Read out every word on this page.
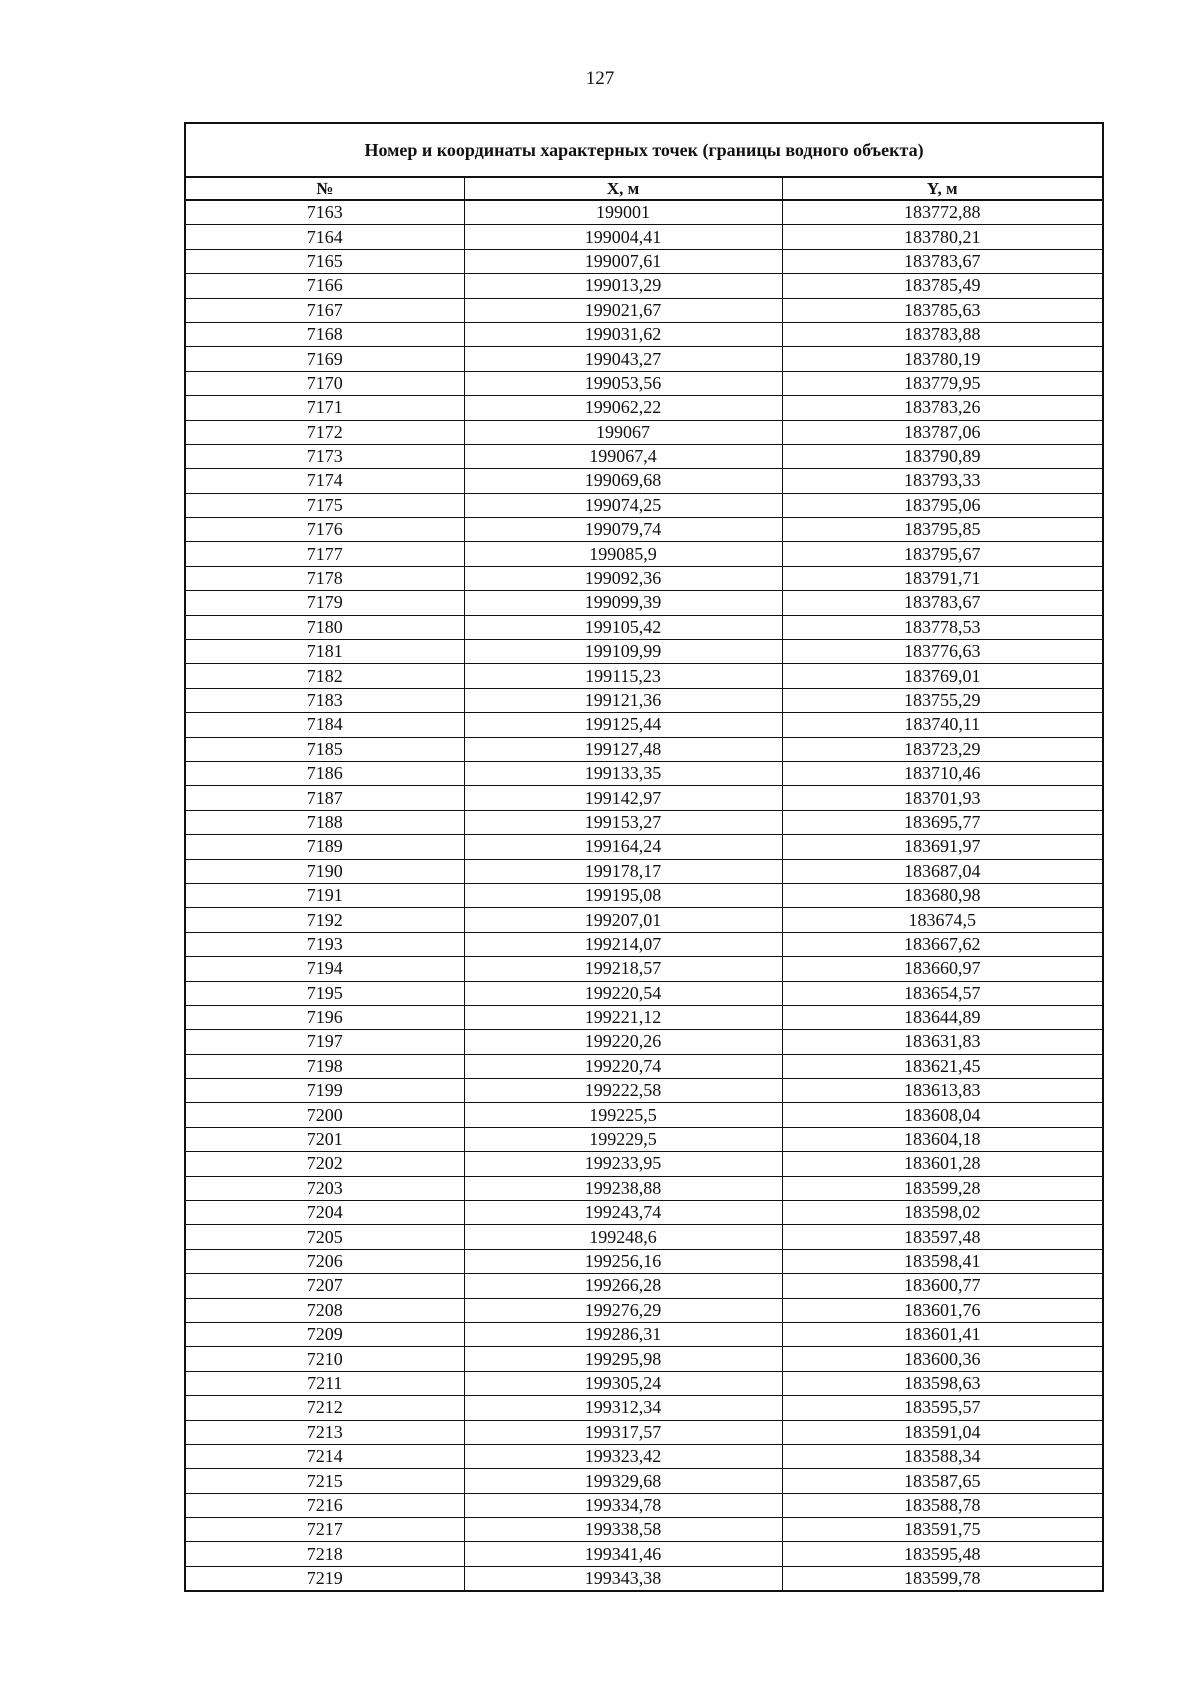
127
Номер и координаты характерных точек (границы водного объекта)
№	X, м	Y, м
7163	199001	183772,88
7164	199004,41	183780,21
7165	199007,61	183783,67
7166	199013,29	183785,49
7167	199021,67	183785,63
7168	199031,62	183783,88
7169	199043,27	183780,19
7170	199053,56	183779,95
7171	199062,22	183783,26
7172	199067	183787,06
7173	199067,4	183790,89
7174	199069,68	183793,33
7175	199074,25	183795,06
7176	199079,74	183795,85
7177	199085,9	183795,67
7178	199092,36	183791,71
7179	199099,39	183783,67
7180	199105,42	183778,53
7181	199109,99	183776,63
7182	199115,23	183769,01
7183	199121,36	183755,29
7184	199125,44	183740,11
7185	199127,48	183723,29
7186	199133,35	183710,46
7187	199142,97	183701,93
7188	199153,27	183695,77
7189	199164,24	183691,97
7190	199178,17	183687,04
7191	199195,08	183680,98
7192	199207,01	183674,5
7193	199214,07	183667,62
7194	199218,57	183660,97
7195	199220,54	183654,57
7196	199221,12	183644,89
7197	199220,26	183631,83
7198	199220,74	183621,45
7199	199222,58	183613,83
7200	199225,5	183608,04
7201	199229,5	183604,18
7202	199233,95	183601,28
7203	199238,88	183599,28
7204	199243,74	183598,02
7205	199248,6	183597,48
7206	199256,16	183598,41
7207	199266,28	183600,77
7208	199276,29	183601,76
7209	199286,31	183601,41
7210	199295,98	183600,36
7211	199305,24	183598,63
7212	199312,34	183595,57
7213	199317,57	183591,04
7214	199323,42	183588,34
7215	199329,68	183587,65
7216	199334,78	183588,78
7217	199338,58	183591,75
7218	199341,46	183595,48
7219	199343,38	183599,78
